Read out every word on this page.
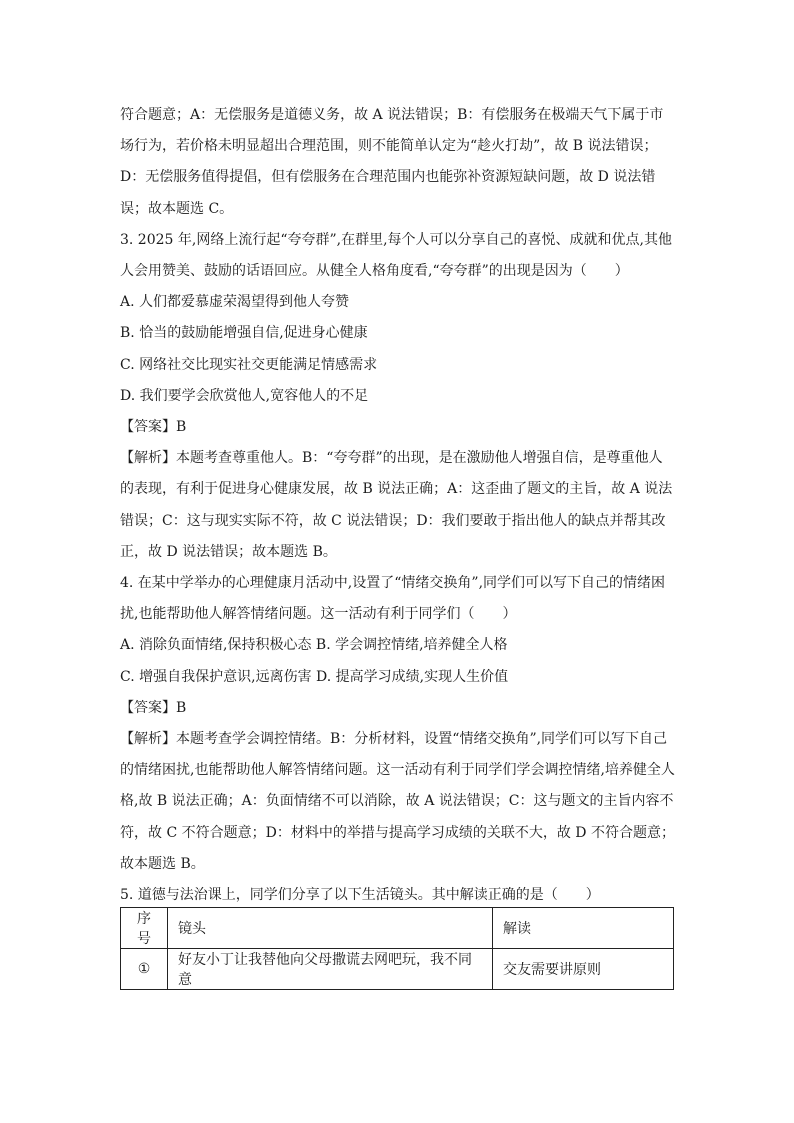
符合题意；A：无偿服务是道德义务，故 A 说法错误；B：有偿服务在极端天气下属于市场行为，若价格未明显超出合理范围，则不能简单认定为“趁火打劫”，故 B 说法错误；D：无偿服务值得提倡，但有偿服务在合理范围内也能弥补资源短缺问题，故 D 说法错误；故本题选 C。

3. 2025 年,网络上流行起“夸夸群”,在群里,每个人可以分享自己的喜悦、成就和优点,其他人会用赞美、鼓励的话语回应。从健全人格角度看,“夸夸群”的出现是因为（　　）

A. 人们都爱慕虚荣渴望得到他人夸赞

B. 恰当的鼓励能增强自信,促进身心健康

C. 网络社交比现实社交更能满足情感需求

D. 我们要学会欣赏他人,宽容他人的不足

【答案】B

【解析】本题考查尊重他人。B：“夸夸群”的出现，是在激励他人增强自信，是尊重他人的表现，有利于促进身心健康发展，故 B 说法正确；A：这歪曲了题文的主旨，故 A 说法错误；C：这与现实实际不符，故 C 说法错误；D：我们要敢于指出他人的缺点并帮其改正，故 D 说法错误；故本题选 B。

4. 在某中学举办的心理健康月活动中,设置了“情绪交换角”,同学们可以写下自己的情绪困扰,也能帮助他人解答情绪问题。这一活动有利于同学们（　　）

A. 消除负面情绪,保持积极心态 B. 学会调控情绪,培养健全人格

C. 增强自我保护意识,远离伤害 D. 提高学习成绩,实现人生价值

【答案】B

【解析】本题考查学会调控情绪。B：分析材料，设置“情绪交换角”,同学们可以写下自己的情绪困扰,也能帮助他人解答情绪问题。这一活动有利于同学们学会调控情绪,培养健全人格,故 B 说法正确；A：负面情绪不可以消除，故 A 说法错误；C：这与题文的主旨内容不符，故 C 不符合题意；D：材料中的举措与提高学习成绩的关联不大，故 D 不符合题意；故本题选 B。

5. 道德与法治课上，同学们分享了以下生活镜头。其中解读正确的是（　　）

序号	镜头	解读
①	好友小丁让我替他向父母撒谎去网吧玩，我不同意	交友需要讲原则
